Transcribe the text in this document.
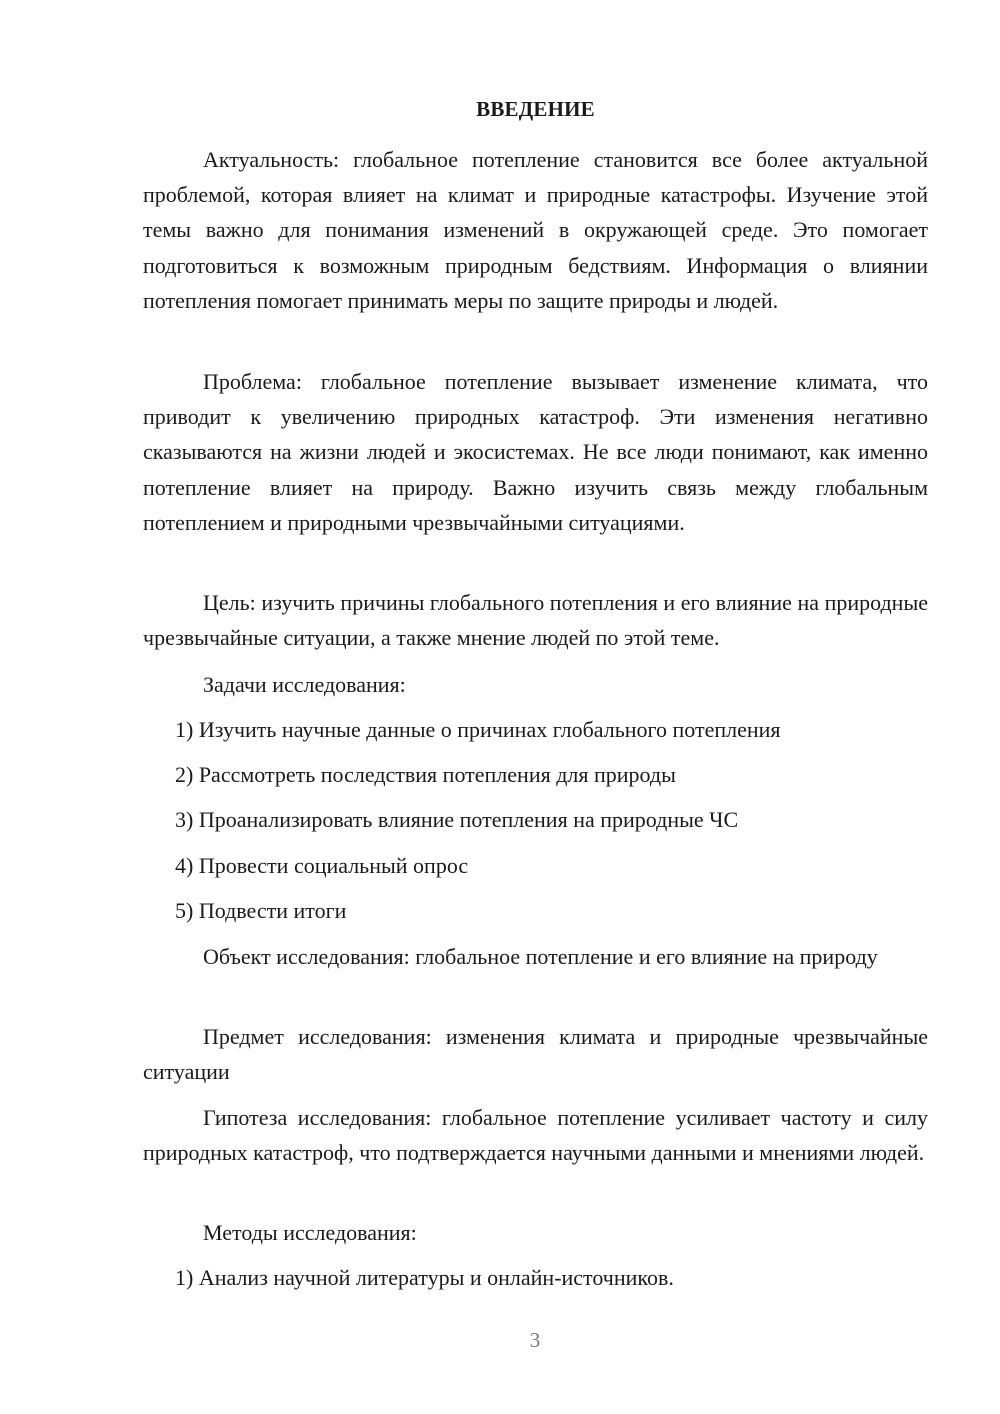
ВВЕДЕНИЕ

Актуальность: глобальное потепление становится все более актуальной проблемой, которая влияет на климат и природные катастрофы. Изучение этой темы важно для понимания изменений в окружающей среде. Это помогает подготовиться к возможным природным бедствиям. Информация о влиянии потепления помогает принимать меры по защите природы и людей.

Проблема: глобальное потепление вызывает изменение климата, что приводит к увеличению природных катастроф. Эти изменения негативно сказываются на жизни людей и экосистемах. Не все люди понимают, как именно потепление влияет на природу. Важно изучить связь между глобальным потеплением и природными чрезвычайными ситуациями.

Цель: изучить причины глобального потепления и его влияние на природные чрезвычайные ситуации, а также мнение людей по этой теме.

Задачи исследования:

1) Изучить научные данные о причинах глобального потепления

2) Рассмотреть последствия потепления для природы

3) Проанализировать влияние потепления на природные ЧС

4) Провести социальный опрос

5) Подвести итоги

Объект исследования: глобальное потепление и его влияние на природу

Предмет исследования: изменения климата и природные чрезвычайные ситуации

Гипотеза исследования: глобальное потепление усиливает частоту и силу природных катастроф, что подтверждается научными данными и мнениями людей.

Методы исследования:

1) Анализ научной литературы и онлайн-источников.

3
